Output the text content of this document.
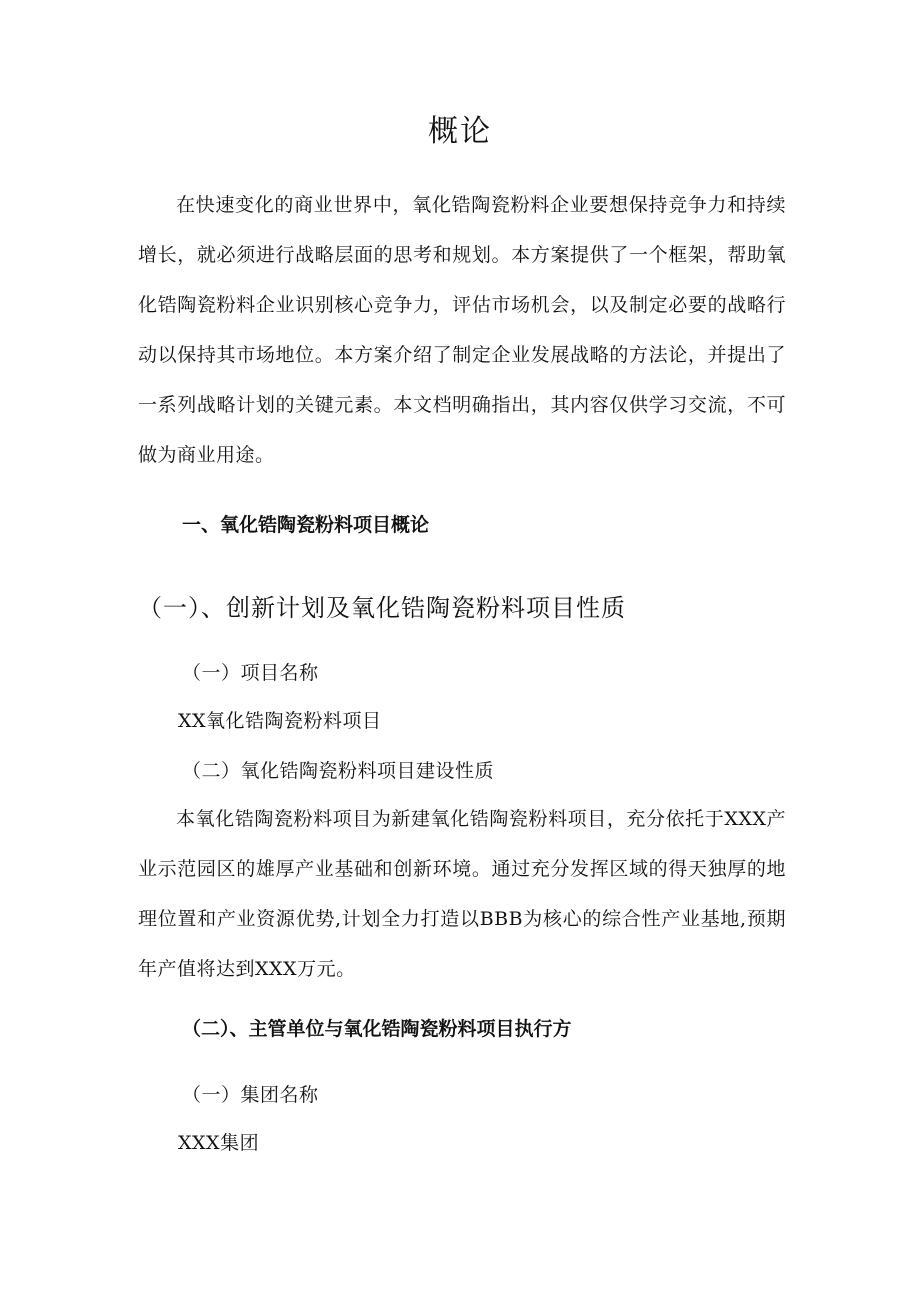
概论

在快速变化的商业世界中，氧化锆陶瓷粉料企业要想保持竞争力和持续增长，就必须进行战略层面的思考和规划。本方案提供了一个框架，帮助氧化锆陶瓷粉料企业识别核心竞争力，评估市场机会，以及制定必要的战略行动以保持其市场地位。本方案介绍了制定企业发展战略的方法论，并提出了一系列战略计划的关键元素。本文档明确指出，其内容仅供学习交流，不可做为商业用途。

一、氧化锆陶瓷粉料项目概论
（一）、创新计划及氧化锆陶瓷粉料项目性质
（一）项目名称
XX氧化锆陶瓷粉料项目
（二）氧化锆陶瓷粉料项目建设性质

本氧化锆陶瓷粉料项目为新建氧化锆陶瓷粉料项目，充分依托于XXX产业示范园区的雄厚产业基础和创新环境。通过充分发挥区域的得天独厚的地理位置和产业资源优势,计划全力打造以BBB为核心的综合性产业基地,预期年产值将达到XXX万元。

（二）、主管单位与氧化锆陶瓷粉料项目执行方
（一）集团名称
XXX集团
